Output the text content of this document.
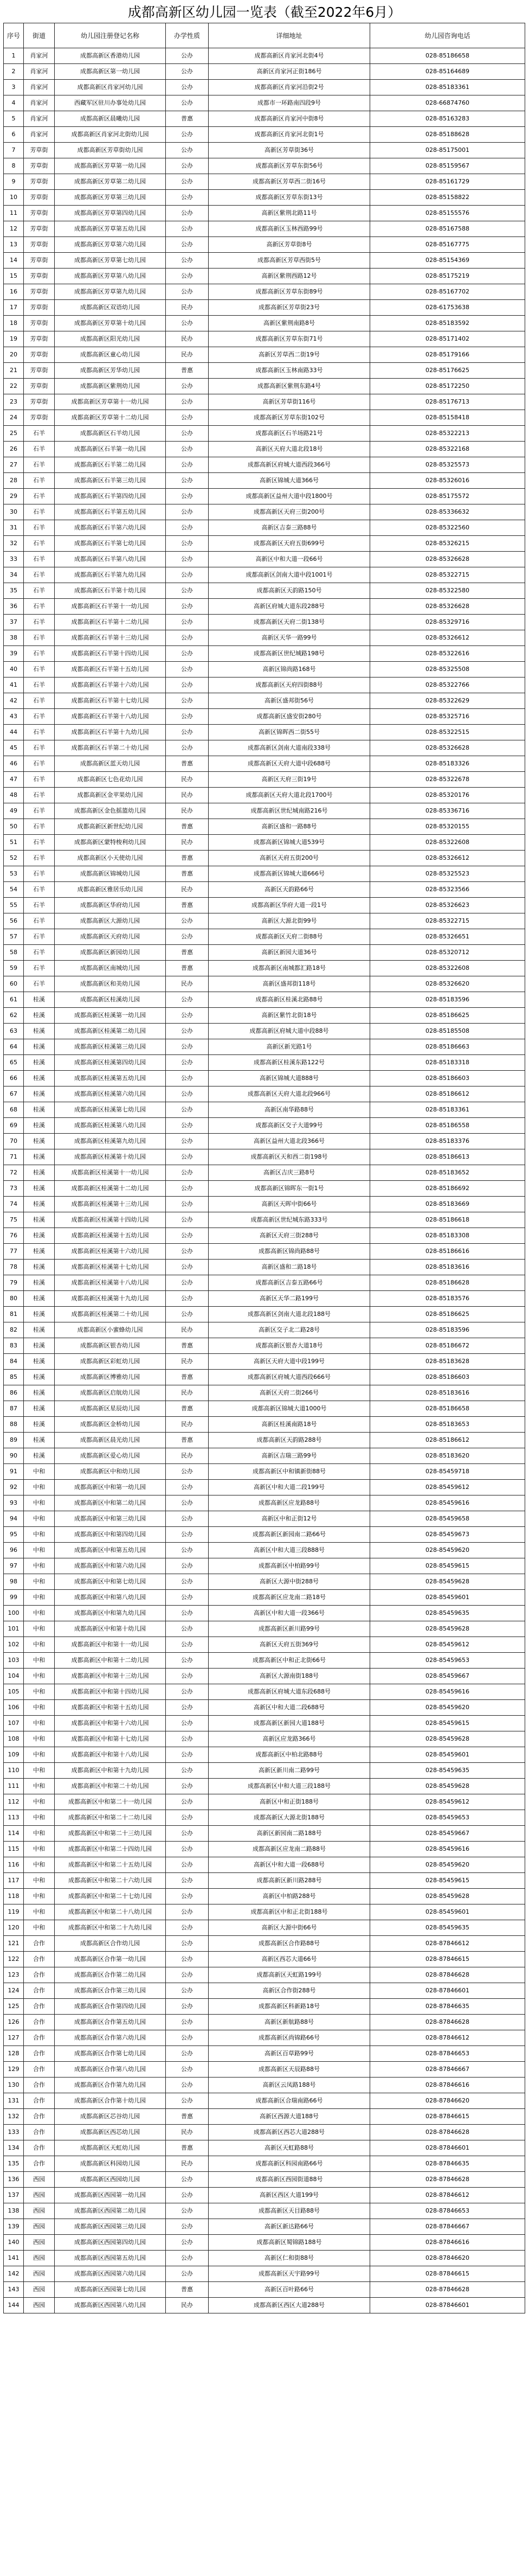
成都高新区幼儿园一览表（截至2022年6月）
序号	街道	幼儿园注册登记名称	办学性质	详细地址	幼儿园咨询电话
1	肖家河	成都高新区香港幼儿园	公办	成都高新区肖家河北街4号	028-85186658
2	肖家河	成都高新区第一幼儿园	公办	高新区肖家河正街186号	028-85164689
3	肖家河	成都高新区肖家河幼儿园	公办	成都高新区肖家河沿街2号	028-85183361
4	肖家河	西藏军区驻川办事处幼儿园	公办	成都市一环路南四段9号	028-66874760
5	肖家河	成都高新区晨曦幼儿园	普惠	成都高新区肖家河中街8号	028-85163283
6	肖家河	成都高新区肖家河北街幼儿园	公办	成都高新区肖家河北街1号	028-85188628
7	芳草街	成都高新区芳草街幼儿园	公办	高新区芳草街36号	028-85175001
8	芳草街	成都高新区芳草第一幼儿园	公办	成都高新区芳草东街56号	028-85159567
9	芳草街	成都高新区芳草第二幼儿园	公办	成都高新区芳草西二街16号	028-85161729
10	芳草街	成都高新区芳草第三幼儿园	公办	成都高新区芳草东街13号	028-85158822
11	芳草街	成都高新区芳草第四幼儿园	公办	高新区紫荆北路11号	028-85155576
12	芳草街	成都高新区芳草第五幼儿园	公办	成都高新区玉林西路99号	028-85167588
13	芳草街	成都高新区芳草第六幼儿园	公办	高新区芳草街8号	028-85167775
14	芳草街	成都高新区芳草第七幼儿园	公办	成都高新区芳草西街5号	028-85154369
15	芳草街	成都高新区芳草第八幼儿园	公办	高新区紫荆西路12号	028-85175219
16	芳草街	成都高新区芳草第九幼儿园	公办	成都高新区芳草东街89号	028-85167702
17	芳草街	成都高新区双语幼儿园	民办	成都高新区芳草街23号	028-61753638
18	芳草街	成都高新区芳草第十幼儿园	公办	高新区紫荆南路8号	028-85183592
19	芳草街	成都高新区阳光幼儿园	民办	成都高新区芳草东街71号	028-85171402
20	芳草街	成都高新区童心幼儿园	民办	高新区芳草西二街19号	028-85179166
21	芳草街	成都高新区芳华幼儿园	普惠	成都高新区玉林南路33号	028-85176625
22	芳草街	成都高新区紫荆幼儿园	公办	成都高新区紫荆东路4号	028-85172250
23	芳草街	成都高新区芳草第十一幼儿园	公办	高新区芳草街116号	028-85176713
24	芳草街	成都高新区芳草第十二幼儿园	公办	成都高新区芳草东街102号	028-85158418
25	石羊	成都高新区石羊幼儿园	公办	成都高新区石羊场路21号	028-85322213
26	石羊	成都高新区石羊第一幼儿园	公办	高新区天府大道北段18号	028-85322168
27	石羊	成都高新区石羊第二幼儿园	公办	成都高新区府城大道西段366号	028-85325573
28	石羊	成都高新区石羊第三幼儿园	公办	高新区锦城大道366号	028-85326016
29	石羊	成都高新区石羊第四幼儿园	公办	成都高新区益州大道中段1800号	028-85175572
30	石羊	成都高新区石羊第五幼儿园	公办	成都高新区天府三街200号	028-85336632
31	石羊	成都高新区石羊第六幼儿园	公办	高新区吉泰三路88号	028-85322560
32	石羊	成都高新区石羊第七幼儿园	公办	成都高新区天府五街699号	028-85326215
33	石羊	成都高新区石羊第八幼儿园	公办	高新区中和大道一段66号	028-85326628
34	石羊	成都高新区石羊第九幼儿园	公办	成都高新区剑南大道中段1001号	028-85322715
35	石羊	成都高新区石羊第十幼儿园	公办	成都高新区天韵路150号	028-85322580
36	石羊	成都高新区石羊第十一幼儿园	公办	高新区府城大道东段288号	028-85326628
37	石羊	成都高新区石羊第十二幼儿园	公办	成都高新区天府二街138号	028-85329716
38	石羊	成都高新区石羊第十三幼儿园	公办	高新区天华一路99号	028-85326612
39	石羊	成都高新区石羊第十四幼儿园	公办	成都高新区世纪城路198号	028-85322616
40	石羊	成都高新区石羊第十五幼儿园	公办	高新区锦尚路168号	028-85325508
41	石羊	成都高新区石羊第十六幼儿园	公办	成都高新区天府四街88号	028-85322766
42	石羊	成都高新区石羊第十七幼儿园	公办	高新区盛邦街56号	028-85322629
43	石羊	成都高新区石羊第十八幼儿园	公办	成都高新区盛安街280号	028-85325716
44	石羊	成都高新区石羊第十九幼儿园	公办	高新区锦晖西二街55号	028-85322515
45	石羊	成都高新区石羊第二十幼儿园	公办	成都高新区剑南大道南段338号	028-85326628
46	石羊	成都高新区蓝天幼儿园	普惠	成都高新区天府大道中段688号	028-85183326
47	石羊	成都高新区七色花幼儿园	民办	高新区天府三街19号	028-85322678
48	石羊	成都高新区金苹果幼儿园	民办	成都高新区天府大道北段1700号	028-85320176
49	石羊	成都高新区金色摇篮幼儿园	民办	成都高新区世纪城南路216号	028-85336716
50	石羊	成都高新区新世纪幼儿园	普惠	高新区盛和一路88号	028-85320155
51	石羊	成都高新区蒙特梭利幼儿园	民办	成都高新区锦城大道539号	028-85322608
52	石羊	成都高新区小天使幼儿园	普惠	高新区天府五街200号	028-85326612
53	石羊	成都高新区锦城幼儿园	普惠	成都高新区锦城大道666号	028-85325523
54	石羊	成都高新区雅居乐幼儿园	民办	高新区天韵路66号	028-85323566
55	石羊	成都高新区华府幼儿园	普惠	成都高新区华府大道一段1号	028-85326623
56	石羊	成都高新区大源幼儿园	公办	高新区大源北街99号	028-85322715
57	石羊	成都高新区天府幼儿园	公办	成都高新区天府二街88号	028-85326651
58	石羊	成都高新区新园幼儿园	普惠	高新区新园大道36号	028-85320712
59	石羊	成都高新区南城幼儿园	普惠	成都高新区南城都汇路18号	028-85322608
60	石羊	成都高新区和美幼儿园	民办	高新区盛邦街118号	028-85326620
61	桂溪	成都高新区桂溪幼儿园	公办	成都高新区桂溪北路88号	028-85183596
62	桂溪	成都高新区桂溪第一幼儿园	公办	高新区紫竹北街18号	028-85186625
63	桂溪	成都高新区桂溪第二幼儿园	公办	成都高新区府城大道中段88号	028-85185508
64	桂溪	成都高新区桂溪第三幼儿园	公办	高新区新光路1号	028-85186663
65	桂溪	成都高新区桂溪第四幼儿园	公办	成都高新区桂溪东路122号	028-85183318
66	桂溪	成都高新区桂溪第五幼儿园	公办	高新区锦城大道888号	028-85186603
67	桂溪	成都高新区桂溪第六幼儿园	公办	成都高新区天府大道北段966号	028-85186612
68	桂溪	成都高新区桂溪第七幼儿园	公办	高新区南华路88号	028-85183361
69	桂溪	成都高新区桂溪第八幼儿园	公办	成都高新区交子大道99号	028-85186558
70	桂溪	成都高新区桂溪第九幼儿园	公办	高新区益州大道北段366号	028-85183376
71	桂溪	成都高新区桂溪第十幼儿园	公办	成都高新区天和西二街198号	028-85186613
72	桂溪	成都高新区桂溪第十一幼儿园	公办	高新区吉庆三路8号	028-85183652
73	桂溪	成都高新区桂溪第十二幼儿园	公办	成都高新区锦晖东一街1号	028-85186692
74	桂溪	成都高新区桂溪第十三幼儿园	公办	高新区天晖中街66号	028-85183669
75	桂溪	成都高新区桂溪第十四幼儿园	公办	成都高新区世纪城东路333号	028-85186618
76	桂溪	成都高新区桂溪第十五幼儿园	公办	高新区天府三街288号	028-85183308
77	桂溪	成都高新区桂溪第十六幼儿园	公办	成都高新区锦尚路88号	028-85186616
78	桂溪	成都高新区桂溪第十七幼儿园	公办	高新区盛和二路18号	028-85183616
79	桂溪	成都高新区桂溪第十八幼儿园	公办	成都高新区吉泰五路66号	028-85186628
80	桂溪	成都高新区桂溪第十九幼儿园	公办	高新区天华二路199号	028-85183576
81	桂溪	成都高新区桂溪第二十幼儿园	公办	成都高新区剑南大道北段188号	028-85186625
82	桂溪	成都高新区小蜜蜂幼儿园	民办	高新区交子北二路28号	028-85183596
83	桂溪	成都高新区银杏幼儿园	普惠	成都高新区银杏大道18号	028-85186672
84	桂溪	成都高新区彩虹幼儿园	民办	高新区天府大道中段199号	028-85183628
85	桂溪	成都高新区博雅幼儿园	普惠	成都高新区府城大道西段666号	028-85186603
86	桂溪	成都高新区启航幼儿园	民办	高新区天府二街266号	028-85183616
87	桂溪	成都高新区星辰幼儿园	普惠	成都高新区锦城大道1000号	028-85186658
88	桂溪	成都高新区金桥幼儿园	民办	高新区桂溪南路18号	028-85183653
89	桂溪	成都高新区晨光幼儿园	普惠	成都高新区天韵路288号	028-85186612
90	桂溪	成都高新区爱心幼儿园	民办	高新区吉瑞三路99号	028-85183620
91	中和	成都高新区中和幼儿园	公办	成都高新区中和镇新街88号	028-85459718
92	中和	成都高新区中和第一幼儿园	公办	高新区中和大道二段199号	028-85459612
93	中和	成都高新区中和第二幼儿园	公办	成都高新区应龙路88号	028-85459616
94	中和	成都高新区中和第三幼儿园	公办	高新区中和正街12号	028-85459658
95	中和	成都高新区中和第四幼儿园	公办	成都高新区新园南二路66号	028-85459673
96	中和	成都高新区中和第五幼儿园	公办	高新区中和大道三段888号	028-85459620
97	中和	成都高新区中和第六幼儿园	公办	成都高新区中柏路99号	028-85459615
98	中和	成都高新区中和第七幼儿园	公办	高新区大源中街288号	028-85459628
99	中和	成都高新区中和第八幼儿园	公办	成都高新区应龙南二路18号	028-85459601
100	中和	成都高新区中和第九幼儿园	公办	高新区中和大道一段366号	028-85459635
101	中和	成都高新区中和第十幼儿园	公办	成都高新区新川路99号	028-85459628
102	中和	成都高新区中和第十一幼儿园	公办	高新区天府五街369号	028-85459612
103	中和	成都高新区中和第十二幼儿园	公办	成都高新区中和正北街66号	028-85459653
104	中和	成都高新区中和第十三幼儿园	公办	高新区大源南街188号	028-85459667
105	中和	成都高新区中和第十四幼儿园	公办	成都高新区府城大道东段688号	028-85459616
106	中和	成都高新区中和第十五幼儿园	公办	高新区中和大道二段688号	028-85459620
107	中和	成都高新区中和第十六幼儿园	公办	成都高新区新园大道188号	028-85459615
108	中和	成都高新区中和第十七幼儿园	公办	高新区应龙路366号	028-85459628
109	中和	成都高新区中和第十八幼儿园	公办	成都高新区中柏北路88号	028-85459601
110	中和	成都高新区中和第十九幼儿园	公办	高新区新川南二路99号	028-85459635
111	中和	成都高新区中和第二十幼儿园	公办	成都高新区中和大道三段188号	028-85459628
112	中和	成都高新区中和第二十一幼儿园	公办	高新区中和正街188号	028-85459612
113	中和	成都高新区中和第二十二幼儿园	公办	成都高新区大源北街188号	028-85459653
114	中和	成都高新区中和第二十三幼儿园	公办	高新区新园南二路188号	028-85459667
115	中和	成都高新区中和第二十四幼儿园	公办	成都高新区应龙南二路88号	028-85459616
116	中和	成都高新区中和第二十五幼儿园	公办	高新区中和大道一段688号	028-85459620
117	中和	成都高新区中和第二十六幼儿园	公办	成都高新区新川路288号	028-85459615
118	中和	成都高新区中和第二十七幼儿园	公办	高新区中柏路288号	028-85459628
119	中和	成都高新区中和第二十八幼儿园	公办	成都高新区中和正北街188号	028-85459601
120	中和	成都高新区中和第二十九幼儿园	公办	高新区大源中街66号	028-85459635
121	合作	成都高新区合作幼儿园	公办	成都高新区合作路88号	028-87846612
122	合作	成都高新区合作第一幼儿园	公办	高新区西芯大道66号	028-87846615
123	合作	成都高新区合作第二幼儿园	公办	成都高新区天虹路199号	028-87846628
124	合作	成都高新区合作第三幼儿园	公办	高新区合作街288号	028-87846601
125	合作	成都高新区合作第四幼儿园	公办	成都高新区科新路18号	028-87846635
126	合作	成都高新区合作第五幼儿园	公办	高新区新航路88号	028-87846628
127	合作	成都高新区合作第六幼儿园	公办	成都高新区尚锦路66号	028-87846612
128	合作	成都高新区合作第七幼儿园	公办	高新区百草路99号	028-87846653
129	合作	成都高新区合作第八幼儿园	公办	成都高新区天辰路88号	028-87846667
130	合作	成都高新区合作第九幼儿园	公办	高新区云凤路188号	028-87846616
131	合作	成都高新区合作第十幼儿园	公办	成都高新区合瑞南路66号	028-87846620
132	合作	成都高新区芯谷幼儿园	普惠	高新区西源大道188号	028-87846615
133	合作	成都高新区西芯幼儿园	民办	成都高新区西芯大道288号	028-87846628
134	合作	成都高新区天虹幼儿园	普惠	高新区天虹路88号	028-87846601
135	合作	成都高新区科园幼儿园	民办	成都高新区科园南路66号	028-87846635
136	西园	成都高新区西园幼儿园	公办	成都高新区西园街道88号	028-87846628
137	西园	成都高新区西园第一幼儿园	公办	高新区西区大道199号	028-87846612
138	西园	成都高新区西园第二幼儿园	公办	成都高新区天目路88号	028-87846653
139	西园	成都高新区西园第三幼儿园	公办	高新区新达路66号	028-87846667
140	西园	成都高新区西园第四幼儿园	公办	成都高新区蜀锦路188号	028-87846616
141	西园	成都高新区西园第五幼儿园	公办	高新区仁和街88号	028-87846620
142	西园	成都高新区西园第六幼儿园	公办	成都高新区天宇路99号	028-87846615
143	西园	成都高新区西园第七幼儿园	普惠	高新区百叶路66号	028-87846628
144	西园	成都高新区西园第八幼儿园	民办	成都高新区西区大道288号	028-87846601
